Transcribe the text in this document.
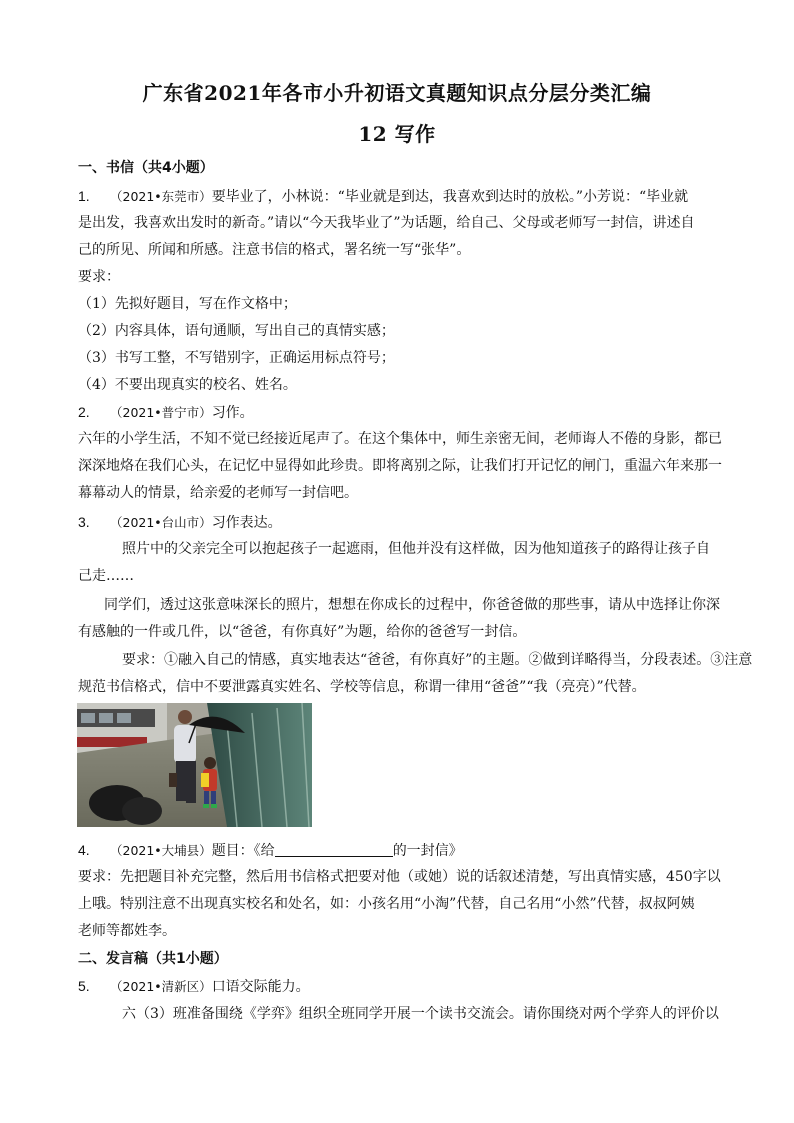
广东省2021年各市小升初语文真题知识点分层分类汇编
12 写作
一、书信（共4小题）
1. （2021•东莞市）要毕业了，小林说：“毕业就是到达，我喜欢到达时的放松。”小芳说：“毕业就
是出发，我喜欢出发时的新奇。”请以“今天我毕业了”为话题，给自己、父母或老师写一封信，讲述自
己的所见、所闻和所感。注意书信的格式，署名统一写“张华”。
要求：
（1）先拟好题目，写在作文格中；
（2）内容具体，语句通顺，写出自己的真情实感；
（3）书写工整，不写错别字，正确运用标点符号；
（4）不要出现真实的校名、姓名。
2. （2021•普宁市）习作。
六年的小学生活，不知不觉已经接近尾声了。在这个集体中，师生亲密无间，老师诲人不倦的身影，都已
深深地烙在我们心头，在记忆中显得如此珍贵。即将离别之际，让我们打开记忆的闸门，重温六年来那一
幕幕动人的情景，给亲爱的老师写一封信吧。
3. （2021•台山市）习作表达。
照片中的父亲完全可以抱起孩子一起遮雨，但他并没有这样做，因为他知道孩子的路得让孩子自
己走……
同学们，透过这张意味深长的照片，想想在你成长的过程中，你爸爸做的那些事，请从中选择让你深
有感触的一件或几件，以“爸爸，有你真好”为题，给你的爸爸写一封信。
要求：①融入自己的情感，真实地表达“爸爸，有你真好”的主题。②做到详略得当，分段表述。③注意
规范书信格式，信中不要泄露真实姓名、学校等信息，称谓一律用“爸爸”“我（亮亮）”代替。
4. （2021•大埔县）题目：《给	的一封信》
要求：先把题目补充完整，然后用书信格式把要对他（或她）说的话叙述清楚，写出真情实感，450字以
上哦。特别注意不出现真实校名和处名，如：小孩名用“小淘”代替，自己名用“小然”代替，叔叔阿姨
老师等都姓李。
二、发言稿（共1小题）
5. （2021•清新区）口语交际能力。
六（3）班准备围绕《学弈》组织全班同学开展一个读书交流会。请你围绕对两个学弈人的评价以
